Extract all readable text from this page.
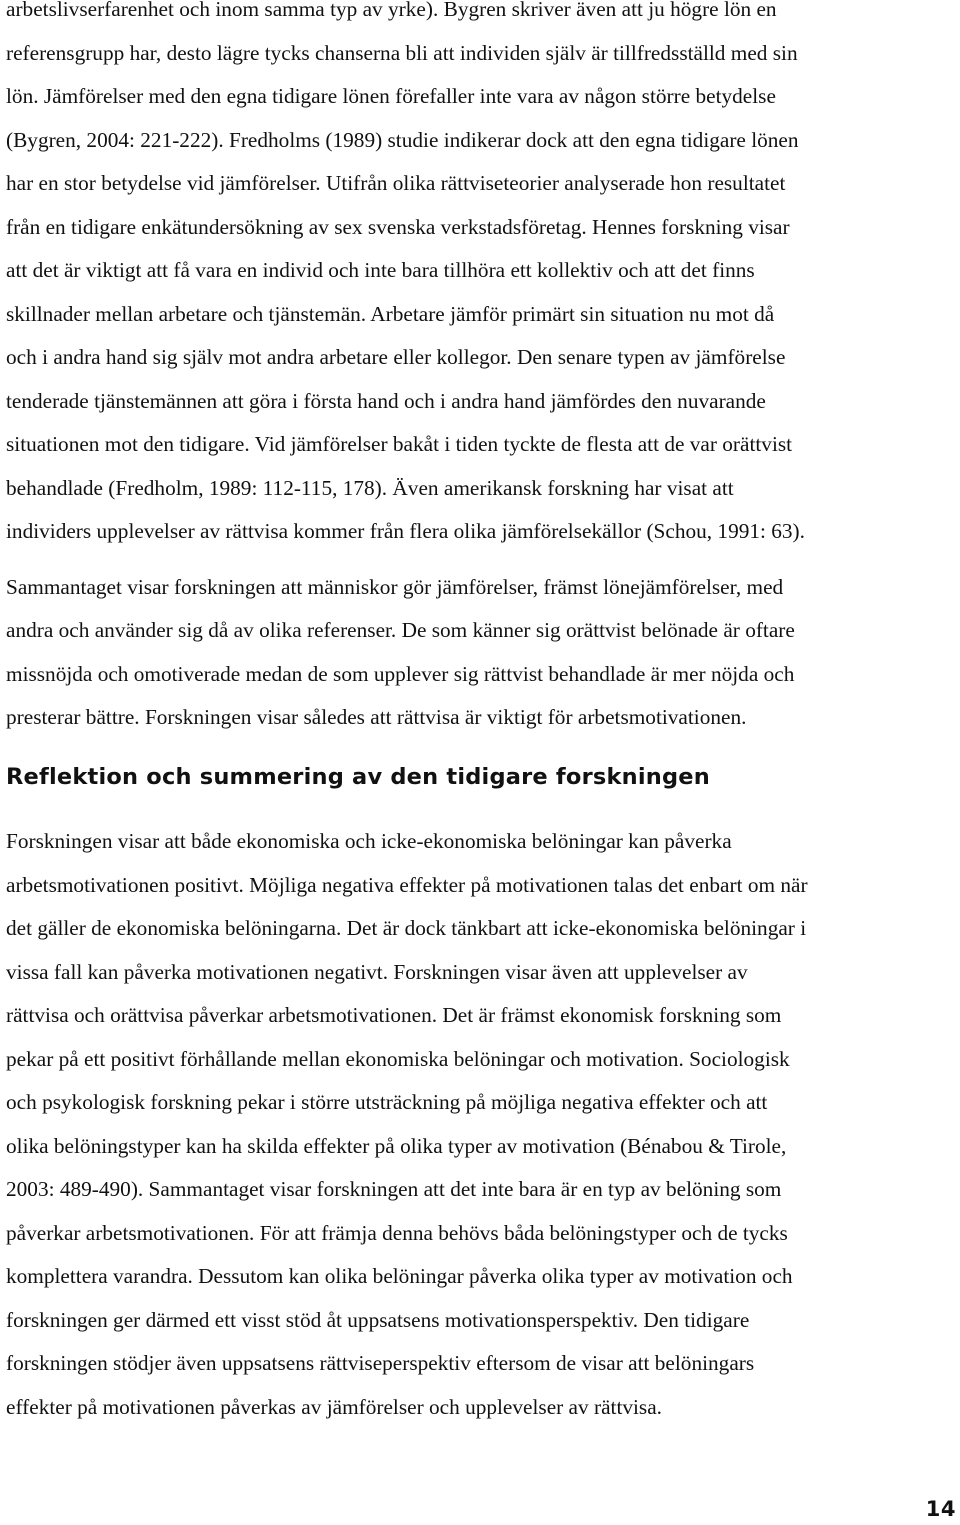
arbetslivserfarenhet och inom samma typ av yrke). Bygren skriver även att ju högre lön en
referensgrupp har, desto lägre tycks chanserna bli att individen själv är tillfredsställd med sin
lön. Jämförelser med den egna tidigare lönen förefaller inte vara av någon större betydelse
(Bygren, 2004: 221-222). Fredholms (1989) studie indikerar dock att den egna tidigare lönen
har en stor betydelse vid jämförelser. Utifrån olika rättviseteorier analyserade hon resultatet
från en tidigare enkätundersökning av sex svenska verkstadsföretag. Hennes forskning visar
att det är viktigt att få vara en individ och inte bara tillhöra ett kollektiv och att det finns
skillnader mellan arbetare och tjänstemän. Arbetare jämför primärt sin situation nu mot då
och i andra hand sig själv mot andra arbetare eller kollegor. Den senare typen av jämförelse
tenderade tjänstemännen att göra i första hand och i andra hand jämfördes den nuvarande
situationen mot den tidigare. Vid jämförelser bakåt i tiden tyckte de flesta att de var orättvist
behandlade (Fredholm, 1989: 112-115, 178). Även amerikansk forskning har visat att
individers upplevelser av rättvisa kommer från flera olika jämförelsekällor (Schou, 1991: 63).

Sammantaget visar forskningen att människor gör jämförelser, främst lönejämförelser, med
andra och använder sig då av olika referenser. De som känner sig orättvist belönade är oftare
missnöjda och omotiverade medan de som upplever sig rättvist behandlade är mer nöjda och
presterar bättre. Forskningen visar således att rättvisa är viktigt för arbetsmotivationen.

Reflektion och summering av den tidigare forskningen

Forskningen visar att både ekonomiska och icke-ekonomiska belöningar kan påverka
arbetsmotivationen positivt. Möjliga negativa effekter på motivationen talas det enbart om när
det gäller de ekonomiska belöningarna. Det är dock tänkbart att icke-ekonomiska belöningar i
vissa fall kan påverka motivationen negativt. Forskningen visar även att upplevelser av
rättvisa och orättvisa påverkar arbetsmotivationen. Det är främst ekonomisk forskning som
pekar på ett positivt förhållande mellan ekonomiska belöningar och motivation. Sociologisk
och psykologisk forskning pekar i större utsträckning på möjliga negativa effekter och att
olika belöningstyper kan ha skilda effekter på olika typer av motivation (Bénabou & Tirole,
2003: 489-490). Sammantaget visar forskningen att det inte bara är en typ av belöning som
påverkar arbetsmotivationen. För att främja denna behövs båda belöningstyper och de tycks
komplettera varandra. Dessutom kan olika belöningar påverka olika typer av motivation och
forskningen ger därmed ett visst stöd åt uppsatsens motivationsperspektiv. Den tidigare
forskningen stödjer även uppsatsens rättviseperspektiv eftersom de visar att belöningars
effekter på motivationen påverkas av jämförelser och upplevelser av rättvisa.

14
